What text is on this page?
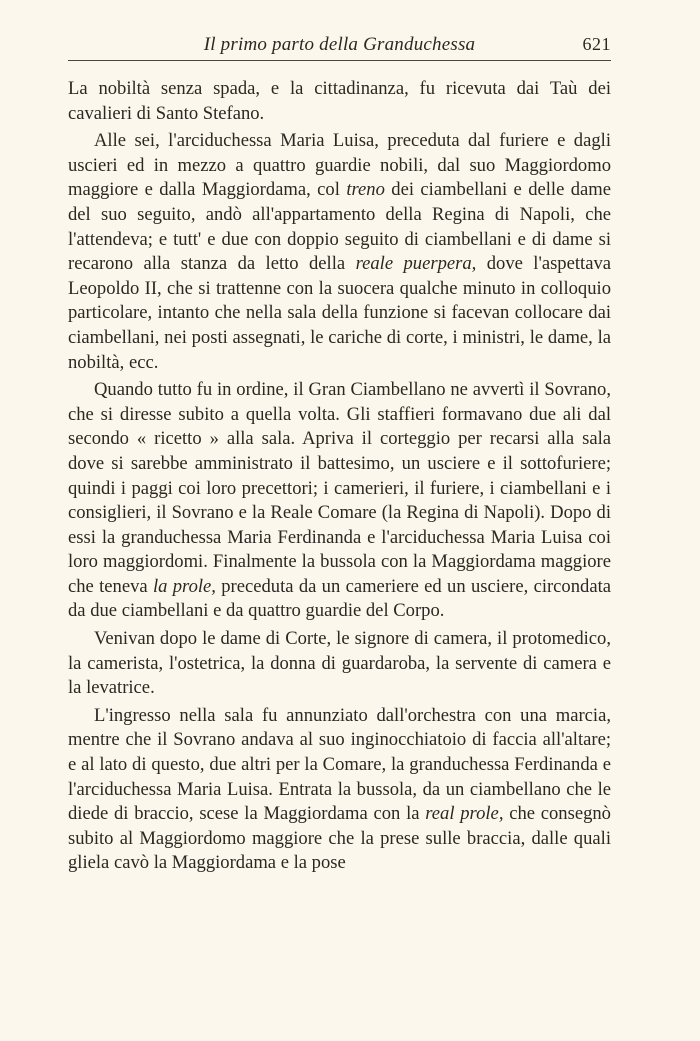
Il primo parto della Granduchessa	621

La nobiltà senza spada, e la cittadinanza, fu ricevuta dai Taù dei cavalieri di Santo Stefano.

Alle sei, l'arciduchessa Maria Luisa, preceduta dal furiere e dagli uscieri ed in mezzo a quattro guardie nobili, dal suo Maggiordomo maggiore e dalla Maggiordama, col treno dei ciambellani e delle dame del suo seguito, andò all'appartamento della Regina di Napoli, che l'attendeva; e tutt' e due con doppio seguito di ciambellani e di dame si recarono alla stanza da letto della reale puerpera, dove l'aspettava Leopoldo II, che si trattenne con la suocera qualche minuto in colloquio particolare, intanto che nella sala della funzione si facevan collocare dai ciambellani, nei posti assegnati, le cariche di corte, i ministri, le dame, la nobiltà, ecc.

Quando tutto fu in ordine, il Gran Ciambellano ne avvertì il Sovrano, che si diresse subito a quella volta. Gli staffieri formavano due ali dal secondo « ricetto » alla sala. Apriva il corteggio per recarsi alla sala dove si sarebbe amministrato il battesimo, un usciere e il sottofuriere; quindi i paggi coi loro precettori; i camerieri, il furiere, i ciambellani e i consiglieri, il Sovrano e la Reale Comare (la Regina di Napoli). Dopo di essi la granduchessa Maria Ferdinanda e l'arciduchessa Maria Luisa coi loro maggiordomi. Finalmente la bussola con la Maggiordama maggiore che teneva la prole, preceduta da un cameriere ed un usciere, circondata da due ciambellani e da quattro guardie del Corpo.

Venivan dopo le dame di Corte, le signore di camera, il protomedico, la camerista, l'ostetrica, la donna di guardaroba, la servente di camera e la levatrice.

L'ingresso nella sala fu annunziato dall'orchestra con una marcia, mentre che il Sovrano andava al suo inginocchiatoio di faccia all'altare; e al lato di questo, due altri per la Comare, la granduchessa Ferdinanda e l'arciduchessa Maria Luisa. Entrata la bussola, da un ciambellano che le diede di braccio, scese la Maggiordama con la real prole, che consegnò subito al Maggiordomo maggiore che la prese sulle braccia, dalle quali gliela cavò la Maggiordama e la pose
